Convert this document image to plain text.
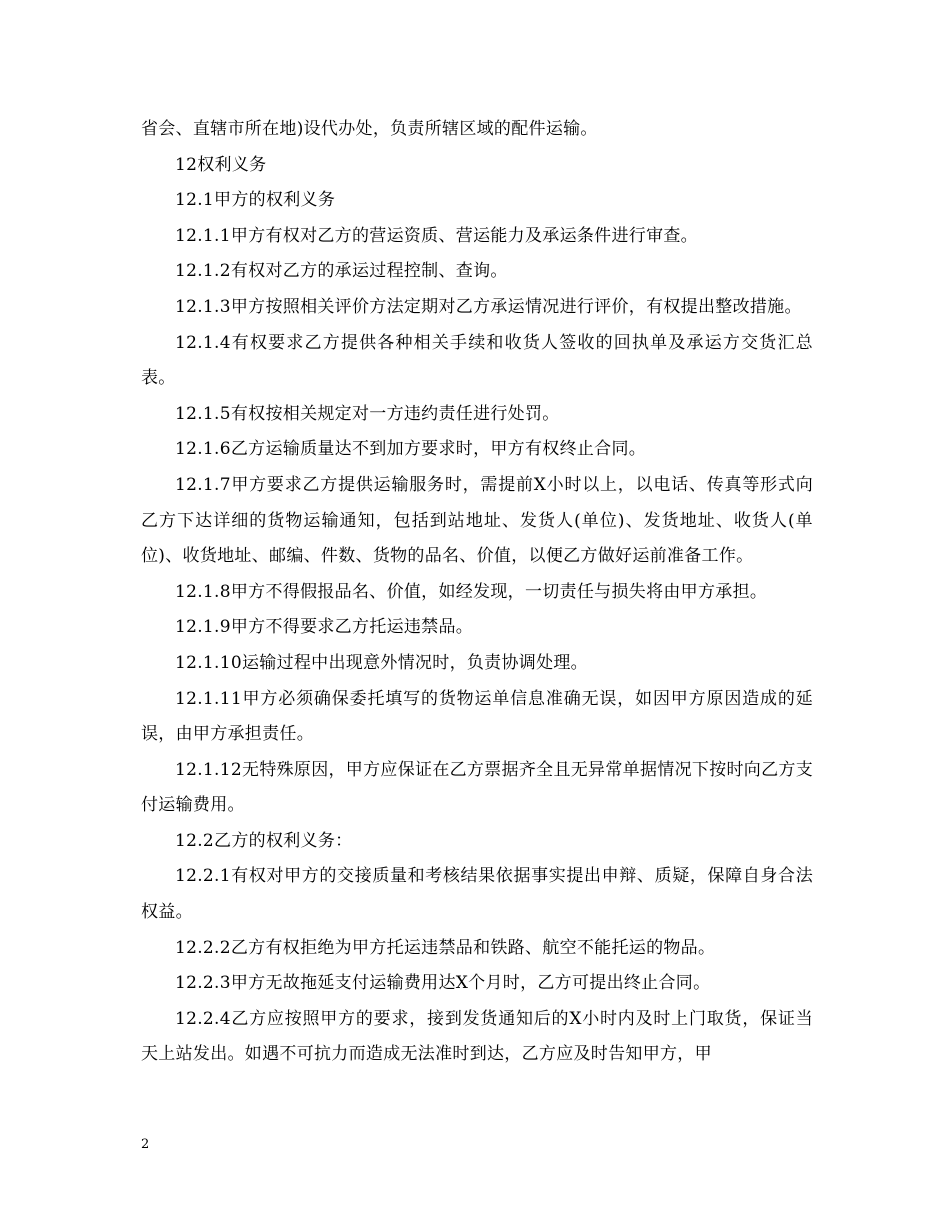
省会、直辖市所在地)设代办处，负责所辖区域的配件运输。

12权利义务

12.1甲方的权利义务

12.1.1甲方有权对乙方的营运资质、营运能力及承运条件进行审查。

12.1.2有权对乙方的承运过程控制、查询。

12.1.3甲方按照相关评价方法定期对乙方承运情况进行评价，有权提出整改措施。

12.1.4有权要求乙方提供各种相关手续和收货人签收的回执单及承运方交货汇总表。

12.1.5有权按相关规定对一方违约责任进行处罚。

12.1.6乙方运输质量达不到加方要求时，甲方有权终止合同。

12.1.7甲方要求乙方提供运输服务时，需提前X小时以上，以电话、传真等形式向乙方下达详细的货物运输通知，包括到站地址、发货人(单位)、发货地址、收货人(单位)、收货地址、邮编、件数、货物的品名、价值，以便乙方做好运前准备工作。

12.1.8甲方不得假报品名、价值，如经发现，一切责任与损失将由甲方承担。

12.1.9甲方不得要求乙方托运违禁品。

12.1.10运输过程中出现意外情况时，负责协调处理。

12.1.11甲方必须确保委托填写的货物运单信息准确无误，如因甲方原因造成的延误，由甲方承担责任。

12.1.12无特殊原因，甲方应保证在乙方票据齐全且无异常单据情况下按时向乙方支付运输费用。

12.2乙方的权利义务：

12.2.1有权对甲方的交接质量和考核结果依据事实提出申辩、质疑，保障自身合法权益。

12.2.2乙方有权拒绝为甲方托运违禁品和铁路、航空不能托运的物品。

12.2.3甲方无故拖延支付运输费用达X个月时，乙方可提出终止合同。

12.2.4乙方应按照甲方的要求，接到发货通知后的X小时内及时上门取货，保证当天上站发出。如遇不可抗力而造成无法准时到达，乙方应及时告知甲方，甲

2
